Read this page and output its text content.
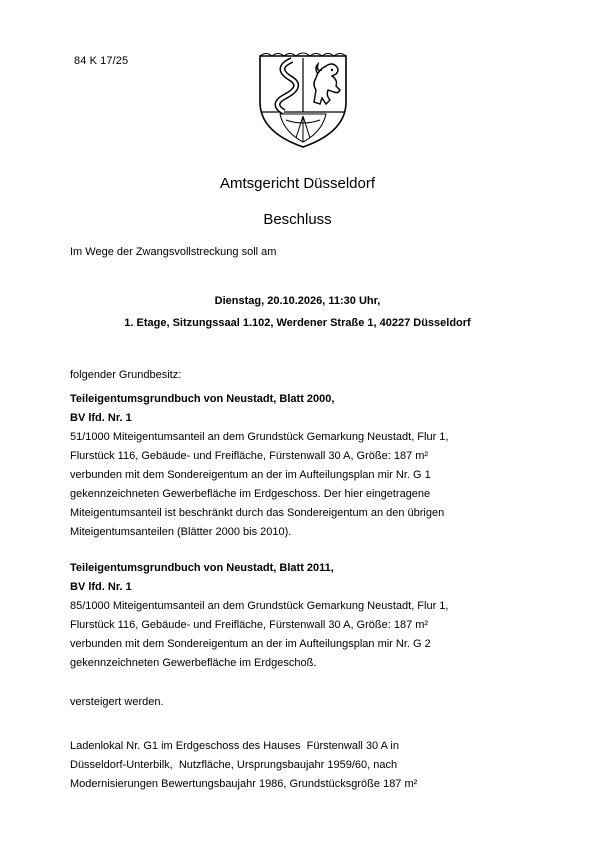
84 K 17/25
Amtsgericht Düsseldorf
Beschluss
Im Wege der Zwangsvollstreckung soll am
Dienstag, 20.10.2026, 11:30 Uhr,
1. Etage, Sitzungssaal 1.102, Werdener Straße 1, 40227 Düsseldorf
folgender Grundbesitz:
Teileigentumsgrundbuch von Neustadt, Blatt 2000,
BV lfd. Nr. 1
51/1000 Miteigentumsanteil an dem Grundstück Gemarkung Neustadt, Flur 1,
Flurstück 116, Gebäude- und Freifläche, Fürstenwall 30 A, Größe: 187 m²
verbunden mit dem Sondereigentum an der im Aufteilungsplan mir Nr. G 1
gekennzeichneten Gewerbefläche im Erdgeschoss. Der hier eingetragene
Miteigentumsanteil ist beschränkt durch das Sondereigentum an den übrigen
Miteigentumsanteilen (Blätter 2000 bis 2010).
Teileigentumsgrundbuch von Neustadt, Blatt 2011,
BV lfd. Nr. 1
85/1000 Miteigentumsanteil an dem Grundstück Gemarkung Neustadt, Flur 1,
Flurstück 116, Gebäude- und Freifläche, Fürstenwall 30 A, Größe: 187 m²
verbunden mit dem Sondereigentum an der im Aufteilungsplan mir Nr. G 2
gekennzeichneten Gewerbefläche im Erdgeschoß.
versteigert werden.
Ladenlokal Nr. G1 im Erdgeschoss des Hauses  Fürstenwall 30 A in
Düsseldorf-Unterbilk,  Nutzfläche, Ursprungsbaujahr 1959/60, nach
Modernisierungen Bewertungsbaujahr 1986, Grundstücksgröße 187 m²
